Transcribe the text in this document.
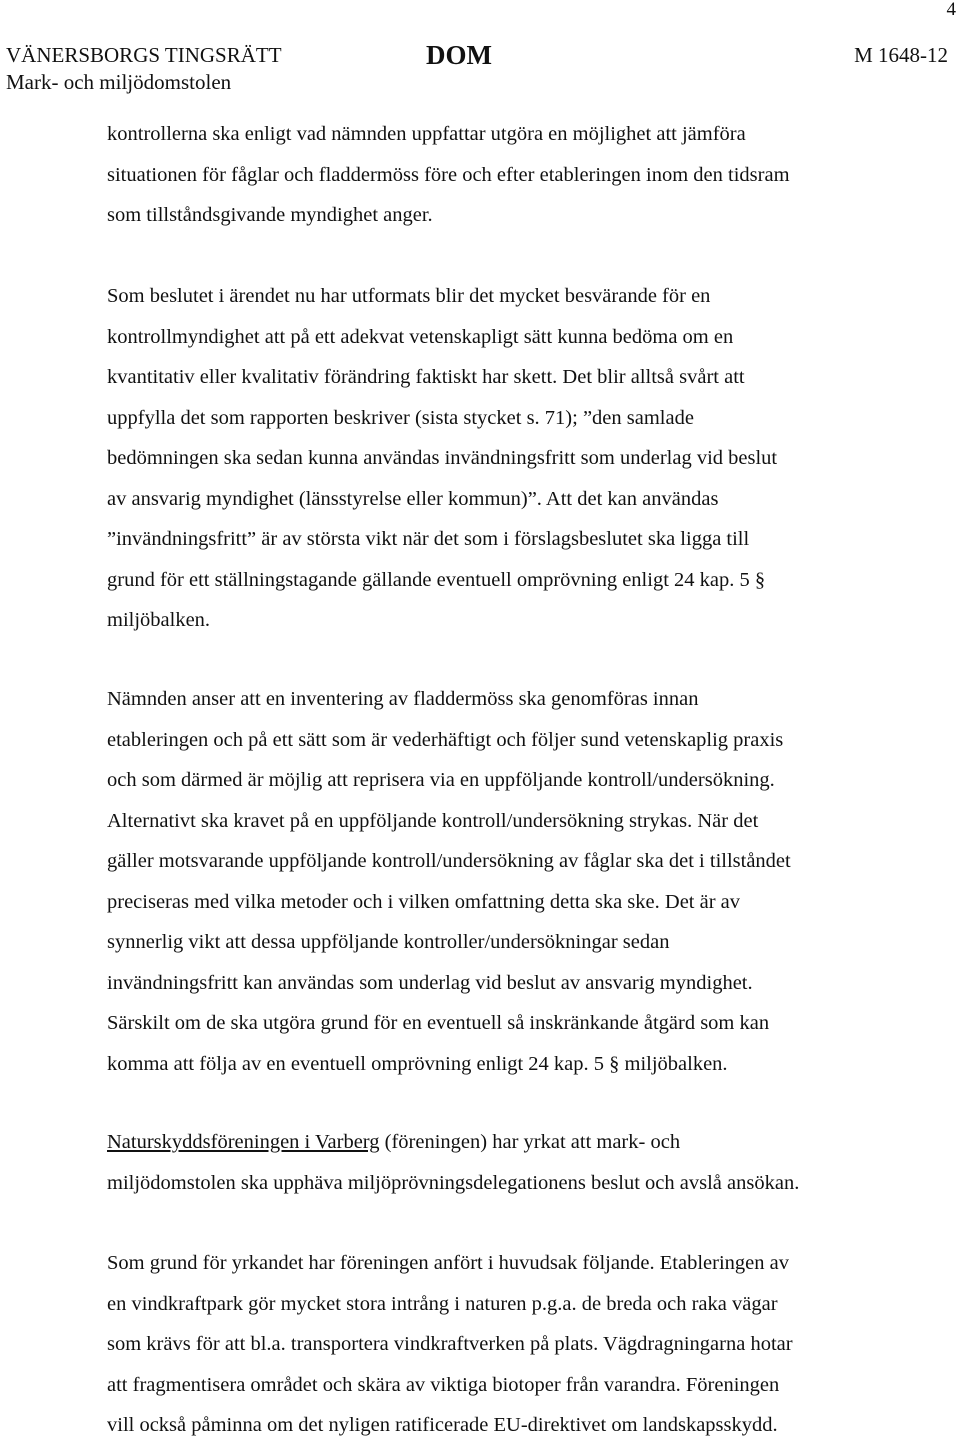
4
VÄNERSBORGS TINGSRÄTT
Mark- och miljödomstolen
DOM	M 1648-12

kontrollerna ska enligt vad nämnden uppfattar utgöra en möjlighet att jämföra
situationen för fåglar och fladdermöss före och efter etableringen inom den tidsram
som tillståndsgivande myndighet anger.

Som beslutet i ärendet nu har utformats blir det mycket besvärande för en
kontrollmyndighet att på ett adekvat vetenskapligt sätt kunna bedöma om en
kvantitativ eller kvalitativ förändring faktiskt har skett. Det blir alltså svårt att
uppfylla det som rapporten beskriver (sista stycket s. 71); ”den samlade
bedömningen ska sedan kunna användas invändningsfritt som underlag vid beslut
av ansvarig myndighet (länsstyrelse eller kommun)”. Att det kan användas
”invändningsfritt” är av största vikt när det som i förslagsbeslutet ska ligga till
grund för ett ställningstagande gällande eventuell omprövning enligt 24 kap. 5 §
miljöbalken.

Nämnden anser att en inventering av fladdermöss ska genomföras innan
etableringen och på ett sätt som är vederhäftigt och följer sund vetenskaplig praxis
och som därmed är möjlig att reprisera via en uppföljande kontroll/undersökning.
Alternativt ska kravet på en uppföljande kontroll/undersökning strykas. När det
gäller motsvarande uppföljande kontroll/undersökning av fåglar ska det i tillståndet
preciseras med vilka metoder och i vilken omfattning detta ska ske. Det är av
synnerlig vikt att dessa uppföljande kontroller/undersökningar sedan
invändningsfritt kan användas som underlag vid beslut av ansvarig myndighet.
Särskilt om de ska utgöra grund för en eventuell så inskränkande åtgärd som kan
komma att följa av en eventuell omprövning enligt 24 kap. 5 § miljöbalken.

Naturskyddsföreningen i Varberg (föreningen) har yrkat att mark- och
miljödomstolen ska upphäva miljöprövningsdelegationens beslut och avslå ansökan.

Som grund för yrkandet har föreningen anfört i huvudsak följande. Etableringen av
en vindkraftpark gör mycket stora intrång i naturen p.g.a. de breda och raka vägar
som krävs för att bl.a. transportera vindkraftverken på plats. Vägdragningarna hotar
att fragmentisera området och skära av viktiga biotoper från varandra. Föreningen
vill också påminna om det nyligen ratificerade EU-direktivet om landskapsskydd.
